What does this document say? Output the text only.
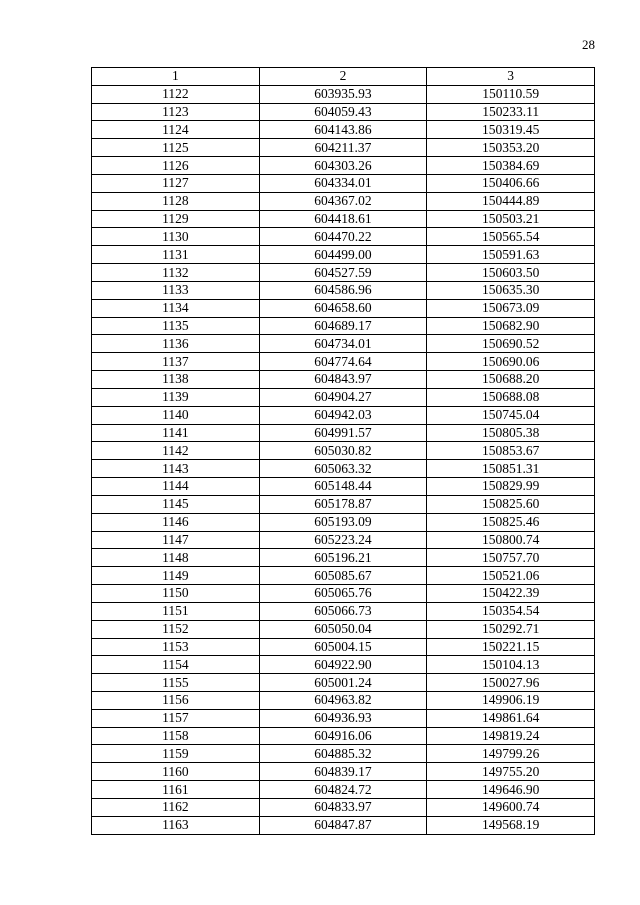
28
1	2	3
1122	603935.93	150110.59
1123	604059.43	150233.11
1124	604143.86	150319.45
1125	604211.37	150353.20
1126	604303.26	150384.69
1127	604334.01	150406.66
1128	604367.02	150444.89
1129	604418.61	150503.21
1130	604470.22	150565.54
1131	604499.00	150591.63
1132	604527.59	150603.50
1133	604586.96	150635.30
1134	604658.60	150673.09
1135	604689.17	150682.90
1136	604734.01	150690.52
1137	604774.64	150690.06
1138	604843.97	150688.20
1139	604904.27	150688.08
1140	604942.03	150745.04
1141	604991.57	150805.38
1142	605030.82	150853.67
1143	605063.32	150851.31
1144	605148.44	150829.99
1145	605178.87	150825.60
1146	605193.09	150825.46
1147	605223.24	150800.74
1148	605196.21	150757.70
1149	605085.67	150521.06
1150	605065.76	150422.39
1151	605066.73	150354.54
1152	605050.04	150292.71
1153	605004.15	150221.15
1154	604922.90	150104.13
1155	605001.24	150027.96
1156	604963.82	149906.19
1157	604936.93	149861.64
1158	604916.06	149819.24
1159	604885.32	149799.26
1160	604839.17	149755.20
1161	604824.72	149646.90
1162	604833.97	149600.74
1163	604847.87	149568.19
